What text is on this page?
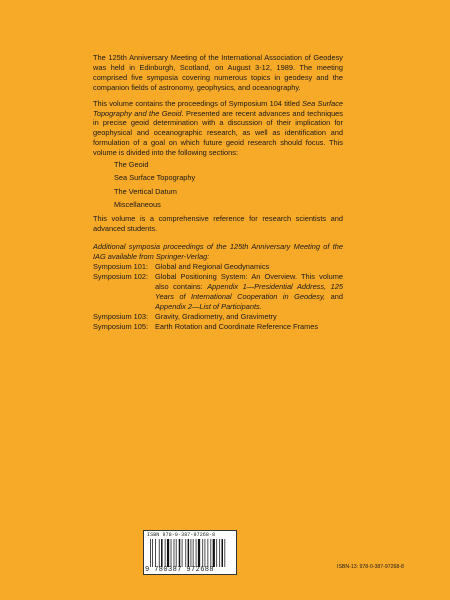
The 125th Anniversary Meeting of the International Association of Geodesy was held in Edinburgh, Scotland, on August 3-12, 1989. The meeting comprised five symposia covering numerous topics in geodesy and the companion fields of astronomy, geophysics, and oceanography.

This volume contains the proceedings of Symposium 104 titled Sea Surface Topography and the Geoid. Presented are recent advances and techniques in precise geoid determination with a discussion of their implication for geophysical and oceanographic research, as well as identification and formulation of a goal on which future geoid research should focus. This volume is divided into the following sections:

The Geoid
Sea Surface Topography
The Vertical Datum
Miscellaneous

This volume is a comprehensive reference for research scientists and advanced students.

Additional symposia proceedings of the 125th Anniversary Meeting of the IAG available from Springer-Verlag:

Symposium 101: Global and Regional Geodynamics
Symposium 102: Global Positioning System: An Overview. This volume also contains: Appendix 1—Presidential Address, 125 Years of International Cooperation in Geodesy, and Appendix 2—List of Participants.
Symposium 103: Gravity, Gradiometry, and Gravimetry
Symposium 105: Earth Rotation and Coordinate Reference Frames
ISBN 978-0-387-97268-8
9 780387 972688	ISBN-13: 978-0-387-97268-8
